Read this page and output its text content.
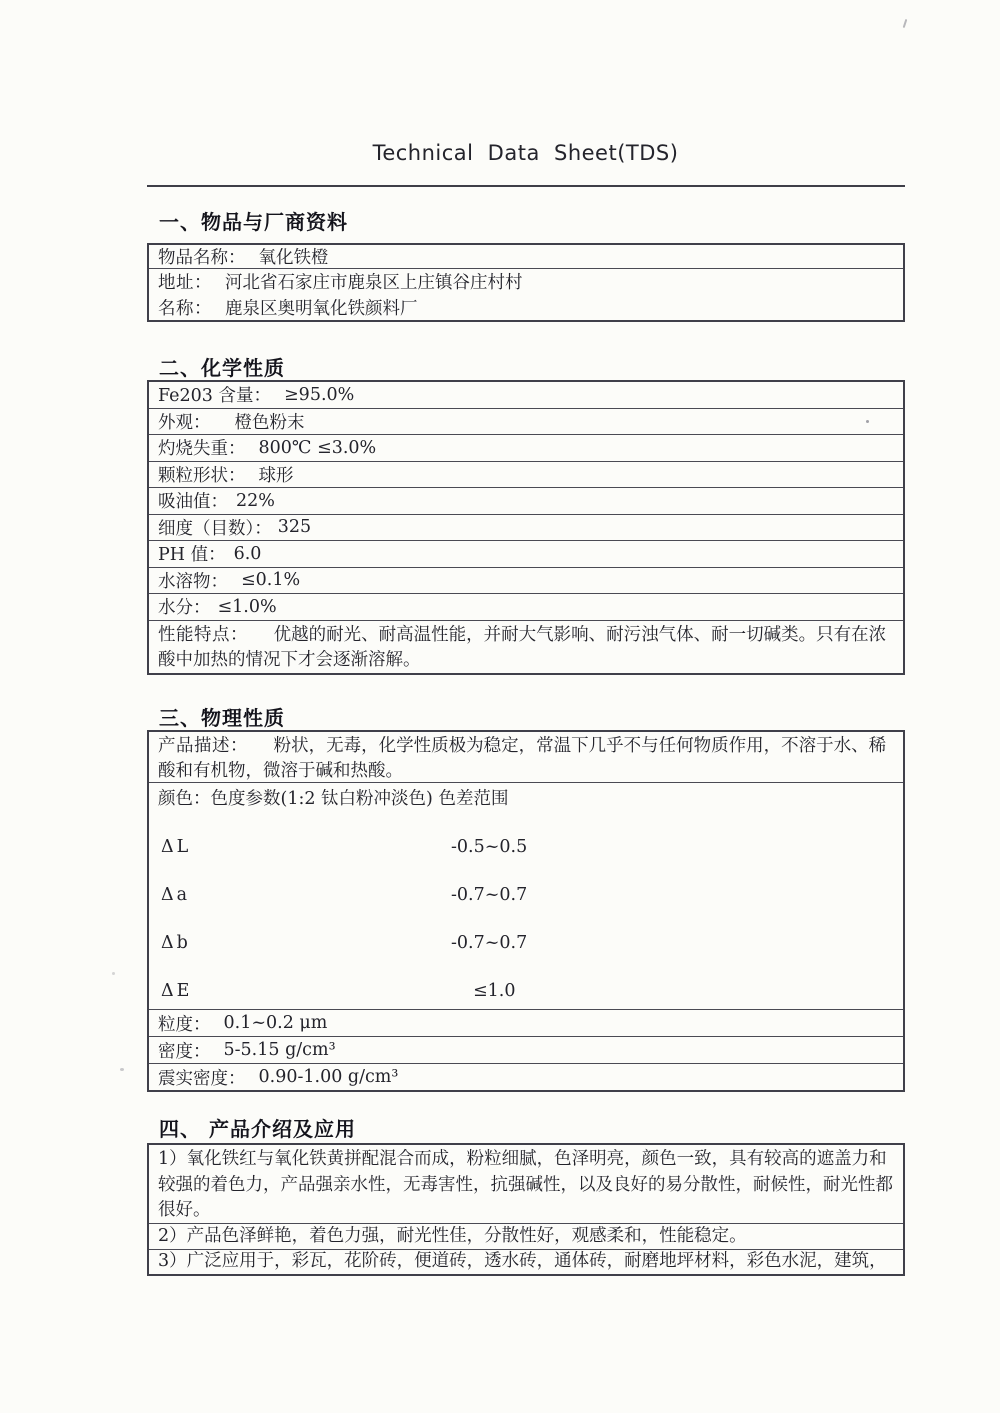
Technical Data Sheet(TDS)
一、物品与厂商资料
物品名称： 氧化铁橙
地址： 河北省石家庄市鹿泉区上庄镇谷庄村村
名称： 鹿泉区奥明氧化铁颜料厂
二、化学性质
Fe203 含量： ≥95.0%
外观： 橙色粉末
灼烧失重： 800℃ ≤3.0%
颗粒形状： 球形
吸油值： 22%
细度（目数）： 325
PH 值： 6.0
水溶物： ≤0.1%
水分： ≤1.0%
性能特点： 优越的耐光、耐高温性能，并耐大气影响、耐污浊气体、耐一切碱类。只有在浓酸中加热的情况下才会逐渐溶解。
三、物理性质
产品描述： 粉状，无毒，化学性质极为稳定，常温下几乎不与任何物质作用，不溶于水、稀酸和有机物，微溶于碱和热酸。
颜色：色度参数(1:2 钛白粉冲淡色) 色差范围
ΔL	-0.5~0.5
Δa	-0.7~0.7
Δb	-0.7~0.7
ΔE	≤1.0
粒度： 0.1~0.2 μm
密度： 5-5.15 g/cm³
震实密度： 0.90-1.00 g/cm³
四、 产品介绍及应用
1）氧化铁红与氧化铁黄拼配混合而成，粉粒细腻，色泽明亮，颜色一致，具有较高的遮盖力和较强的着色力，产品强亲水性，无毒害性，抗强碱性，以及良好的易分散性，耐候性，耐光性都很好。
2）产品色泽鲜艳，着色力强，耐光性佳，分散性好，观感柔和，性能稳定。
3）广泛应用于，彩瓦，花阶砖，便道砖，透水砖，通体砖，耐磨地坪材料，彩色水泥，建筑，
